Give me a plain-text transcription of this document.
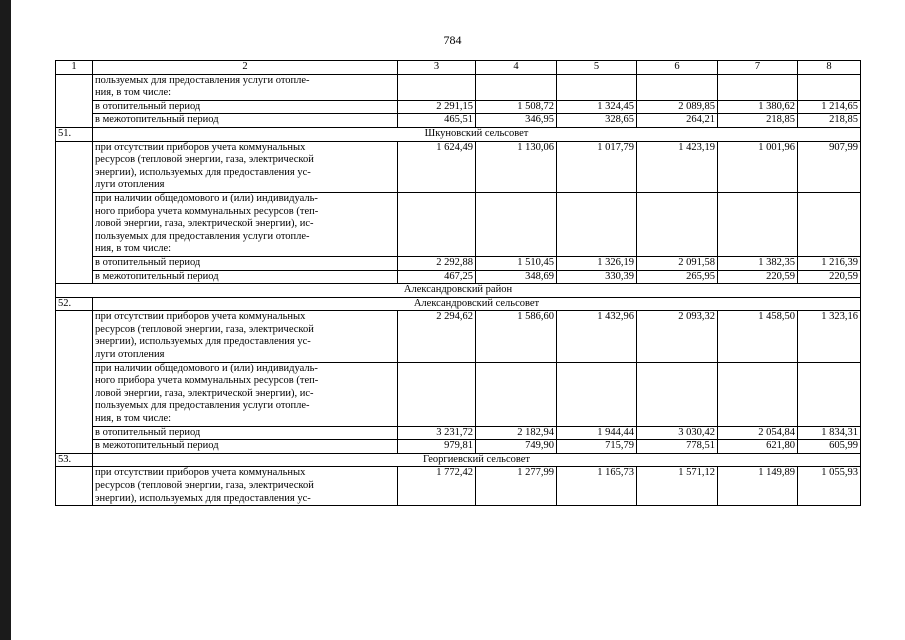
784
1	2	3	4	5	6	7	8

	пользуемых для предоставления услуги отопле-
ния, в том числе:						

	в отопительный период	2 291,15	1 508,72	1 324,45	2 089,85	1 380,62	1 214,65

	в межотопительный период	465,51	346,95	328,65	264,21	218,85	218,85
51.	Шкуновский сельсовет						

	при отсутствии приборов учета коммунальных
ресурсов (тепловой энергии, газа, электрической
энергии), используемых для предоставления ус-
луги отопления	1 624,49	1 130,06	1 017,79	1 423,19	1 001,96	907,99

	при наличии общедомового и (или) индивидуаль-
ного прибора учета коммунальных ресурсов (теп-
ловой энергии, газа, электрической энергии), ис-
пользуемых для предоставления услуги отопле-
ния, в том числе:						

	в отопительный период	2 292,88	1 510,45	1 326,19	2 091,58	1 382,35	1 216,39

	в межотопительный период	467,25	348,69	330,39	265,95	220,59	220,59
Александровский район							
52.	Александровский сельсовет						

	при отсутствии приборов учета коммунальных
ресурсов (тепловой энергии, газа, электрической
энергии), используемых для предоставления ус-
луги отопления	2 294,62	1 586,60	1 432,96	2 093,32	1 458,50	1 323,16

	при наличии общедомового и (или) индивидуаль-
ного прибора учета коммунальных ресурсов (теп-
ловой энергии, газа, электрической энергии), ис-
пользуемых для предоставления услуги отопле-
ния, в том числе:						

	в отопительный период	3 231,72	2 182,94	1 944,44	3 030,42	2 054,84	1 834,31

	в межотопительный период	979,81	749,90	715,79	778,51	621,80	605,99
53.	Георгиевский сельсовет						

	при отсутствии приборов учета коммунальных
ресурсов (тепловой энергии, газа, электрической
энергии), используемых для предоставления ус-	1 772,42	1 277,99	1 165,73	1 571,12	1 149,89	1 055,93
